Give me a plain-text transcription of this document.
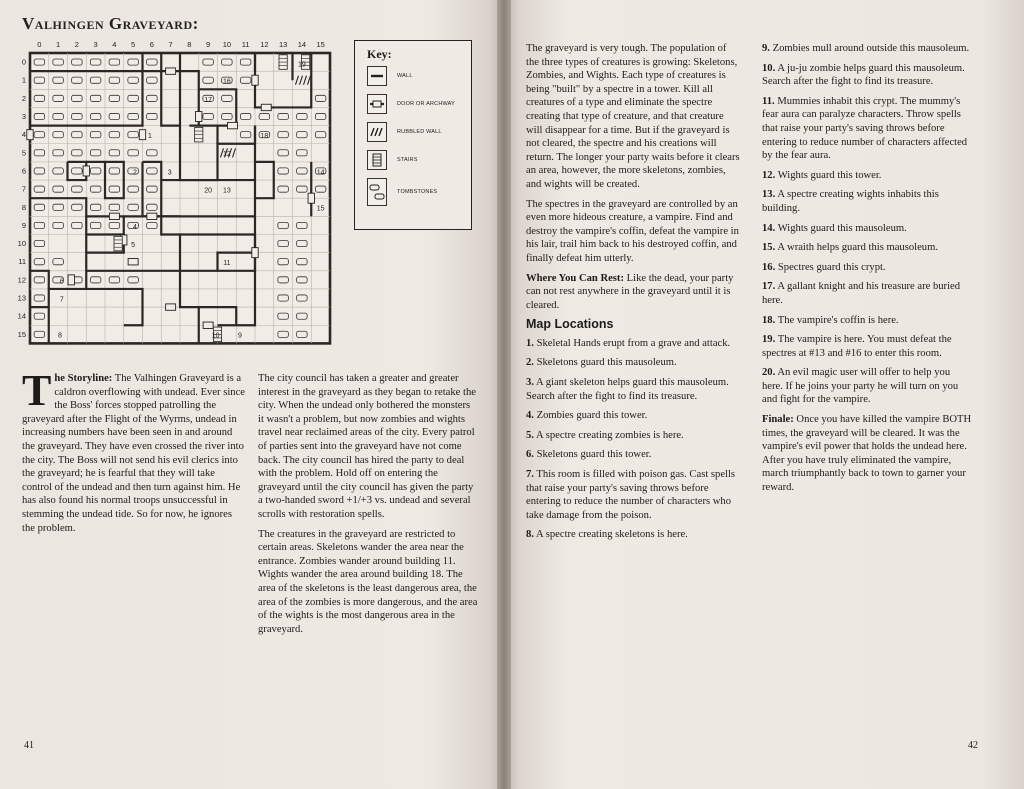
Valhingen Graveyard:
0 1 2 3 4 5 6 7 8 9 10 11 12 13 14 15
0
1
2
3
4
5
6
7
8
9
10
11
12
13
14
15
1
2	3
4
5
6
7
8	9
10
11
12
13
14
15
16
17
18
19
20
Key:
WALL
DOOR OR ARCHWAY
RUBBLED WALL
STAIRS
TOMBSTONES

The Storyline: The Valhingen Graveyard is a caldron overflowing with undead. Ever since the Boss' forces stopped patrolling the graveyard after the Flight of the Wyrms, undead in increasing numbers have been seen in and around the graveyard. They have even crossed the river into the city. The Boss will not send his evil clerics into the graveyard; he is fearful that they will take control of the undead and then turn against him. He has also found his normal troops unsuccessful in stemming the undead tide. So for now, he ignores the problem.

The city council has taken a greater and greater interest in the graveyard as they began to retake the city. When the undead only bothered the monsters it wasn't a problem, but now zombies and wights travel near reclaimed areas of the city. Every patrol of parties sent into the graveyard have not come back. The city council has hired the party to deal with the problem. Hold off on entering the graveyard until the city council has given the party a two-handed sword +1/+3 vs. undead and several scrolls with restoration spells.

The creatures in the graveyard are restricted to certain areas. Skeletons wander the area near the entrance. Zombies wander around building 11. Wights wander the area around building 18. The area of the skeletons is the least dangerous area, the area of the zombies is more dangerous, and the area of the wights is the most dangerous area in the graveyard.

41

The graveyard is very tough. The population of the three types of creatures is growing: Skeletons, Zombies, and Wights. Each type of creatures is being "built" by a spectre in a tower. Kill all creatures of a type and eliminate the spectre creating that type of creature, and that creature will disappear for a time. But if the graveyard is not cleared, the spectre and his creations will return. The longer your party waits before it clears an area, however, the more skeletons, zombies, and wights will be created.

The spectres in the graveyard are controlled by an even more hideous creature, a vampire. Find and destroy the vampire's coffin, defeat the vampire in his lair, trail him back to his destroyed coffin, and finally defeat him utterly.

Where You Can Rest: Like the dead, your party can not rest anywhere in the graveyard until it is cleared.

Map Locations

1. Skeletal Hands erupt from a grave and attack.

2. Skeletons guard this mausoleum.

3. A giant skeleton helps guard this mausoleum. Search after the fight to find its treasure.

4. Zombies guard this tower.

5. A spectre creating zombies is here.

6. Skeletons guard this tower.

7. This room is filled with poison gas. Cast spells that raise your party's saving throws before entering to reduce the number of characters who take damage from the poison.

8. A spectre creating skeletons is here.

9. Zombies mull around outside this mausoleum.

10. A ju-ju zombie helps guard this mausoleum. Search after the fight to find its treasure.

11. Mummies inhabit this crypt. The mummy's fear aura can paralyze characters. Throw spells that raise your party's saving throws before entering to reduce number of characters affected by the fear aura.

12. Wights guard this tower.

13. A spectre creating wights inhabits this building.

14. Wights guard this mausoleum.

15. A wraith helps guard this mausoleum.

16. Spectres guard this crypt.

17. A gallant knight and his treasure are buried here.

18. The vampire's coffin is here.

19. The vampire is here. You must defeat the spectres at #13 and #16 to enter this room.

20. An evil magic user will offer to help you here. If he joins your party he will turn on you and fight for the vampire.

Finale: Once you have killed the vampire BOTH times, the graveyard will be cleared. It was the vampire's evil power that holds the undead here. After you have truly eliminated the vampire, march triumphantly back to town to garner your reward.

42
